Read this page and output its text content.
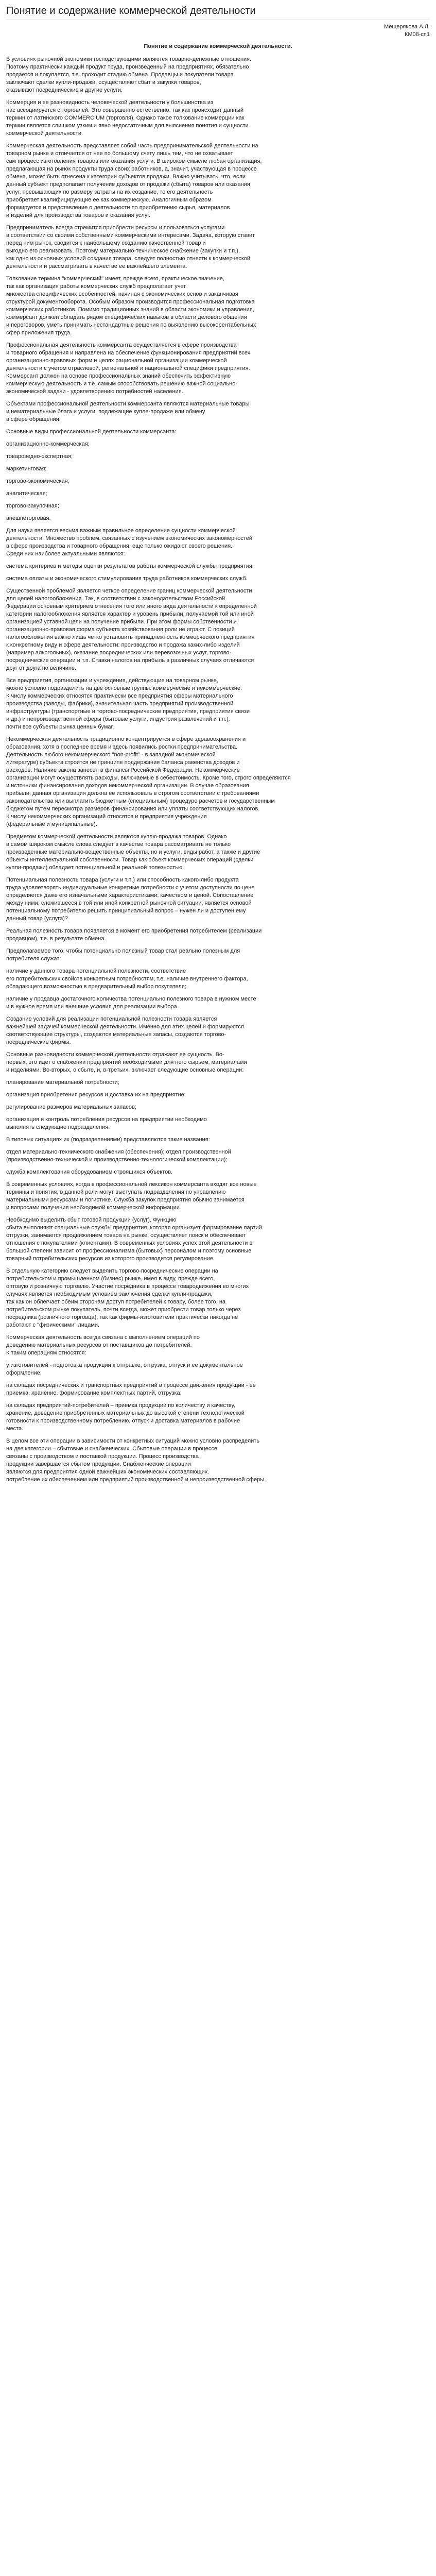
Понятие и содержание коммерческой деятельности

Мещерякова А.Л.

КМ08-сп1

Понятие и содержание коммерческой деятельности.

В условиях рыночной экономики господствующими являются товарно-денежные отношения.
Поэтому практически каждый продукт труда, произведенный на предприятиях, обязательно
продается и покупается, т.е. проходит стадию обмена. Продавцы и покупатели товара
заключают сделки купли-продажи, осуществляют сбыт и закупки товаров,
оказывают посреднические и другие услуги.

Коммерция и ее разновидность человеческой деятельности у большинства из
нас ассоциируется с торговлей. Это совершенно естественно, так как происходит данный
термин от латинского COMMERCIUM (торговля). Однако такое толкование коммерции как
термин является слишком узким и явно недостаточным для выяснения понятия и сущности
коммерческой деятельности.

Коммерческая деятельность представляет собой часть предпринимательской деятельности на
товарном рынке и отличается от нее по большому счету лишь тем, что не охватывает
сам процесс изготовления товаров или оказания услуги. В широком смысле любая организация,
предлагающая на рынок продукты труда своих работников, а, значит, участвующая в процессе
обмена, может быть отнесена к категории субъектов продажи. Важно учитывать, что, если
данный субъект предполагает получение доходов от продажи (сбыта) товаров или оказания
услуг, превышающих по размеру затраты на их создание, то его деятельность
приобретает квалифицирующие ее как коммерческую. Аналогичным образом
формируется и представление о деятельности по приобретению сырья, материалов
и изделий для производства товаров и оказания услуг.

Предприниматель всегда стремится приобрести ресурсы и пользоваться услугами
в соответствии со своими собственными коммерческими интересами. Задача, которую ставит
перед ним рынок, сводится к наибольшему созданию качественной товар и
выгодно его реализовать. Поэтому материально-техническое снабжение (закупки и т.п.),
как одно из основных условий создания товара, следует полностью отнести к коммерческой
деятельности и рассматривать в качестве ее важнейшего элемента.

Толкование термина "коммерческий" имеет, прежде всего, практическое значение,
так как организация работы коммерческих служб предполагает учет
множества специфических особенностей, начиная с экономических основ и заканчивая
структурой документооборота. Особым образом производится профессиональная подготовка
коммерческих работников. Помимо традиционных знаний в области экономики и управления,
коммерсант должен обладать рядом специфических навыков в области делового общения
и переговоров, уметь принимать нестандартные решения по выявлению высокорентабельных
сфер приложения труда.

Профессиональная деятельность коммерсанта осуществляется в сфере производства
и товарного обращения и направлена на обеспечение функционирования предприятий всех
организационно-правовых форм и целях рациональной организации коммерческой
деятельности с учетом отраслевой, региональной и национальной специфики предприятия.
Коммерсант должен на основе профессиональных знаний обеспечить эффективную
коммерческую деятельность и т.е. самым способствовать решению важной социально-
экономической задачи - удовлетворению потребностей населения.

Объектами профессиональной деятельности коммерсанта являются материальные товары
и нематериальные блага и услуги, подлежащие купле-продаже или обмену
в сфере обращения.

Основные виды профессиональной деятельности коммерсанта:

организационно-коммерческая;

товароведно-экспертная;

маркетинговая;

торгово-экономическая;

аналитическая;

торгово-закупочная;

внешнеторговая.

Для науки является весьма важным правильное определение сущности коммерческой
деятельности. Множество проблем, связанных с изучением экономических закономерностей
в сфере производства и товарного обращения, еще только ожидают своего решения.
Среди них наиболее актуальными являются:

система критериев и методы оценки результатов работы коммерческой службы предприятия;

система оплаты и экономического стимулирования труда работников коммерческих служб.

Существенной проблемой является четкое определение границ коммерческой деятельности
для целей налогообложения. Так, в соответствии с законодательством Российской
Федерации основным критерием отнесения того или иного вида деятельности к определенной
категории налогообложения является характер и уровень прибыли, получаемой той или иной
организацией уставной цели на получение прибыли. При этом формы собственности и
организационно-правовая форма субъекта хозяйствования роли не играют. С позиций
налогообложения важно лишь четко установить принадлежность коммерческого предприятия
к конкретному виду и сфере деятельности: производство и продажа каких-либо изделий
(например алкогольных), оказание посреднических или перевозочных услуг, торгово-
посреднические операции и т.п. Ставки налогов на прибыль в различных случаях отличаются
друг от друга по величине.

Все предприятия, организации и учреждения, действующие на товарном рынке,
можно условно подразделить на две основные группы: коммерческие и некоммерческие.
К числу коммерческих относятся практически все предприятия сферы материального
производства (заводы, фабрики), значительная часть предприятий производственной
инфраструктуры (транспортные и торгово-посреднические предприятия, предприятия связи
и др.) и непроизводственной сферы (бытовые услуги, индустрия развлечений и т.п.),
почти все субъекты рынка ценных бумаг.

Некоммерческая деятельность традиционно концентрируется в сфере здравоохранения и
образования, хотя в последнее время и здесь появились ростки предпринимательства.
Деятельность любого некоммерческого "non-profit" - в западной экономической
литературе) субъекта строится не принципе поддержания баланса равенства доходов и
расходов. Наличие закона занесен в финансы Российской Федерации. Некоммерческие
организации могут осуществлять расходы, включаемые в себестоимость. Кроме того, строго определяются
и источники финансирования доходов некоммерческой организации. В случае образования
прибыли, данная организация должна ее использовать в строгом соответствии с требованиями
законодательства или выплатить бюджетным (специальным) процедуре расчетов и государственным
бюджетом путем пересмотра размеров финансирования или уплаты соответствующих налогов.
К числу некоммерческих организаций относятся и предприятия учреждения
(федеральные и муниципальные).

Предметом коммерческой деятельности являются куплю-продажа товаров. Однако
в самом широком смысле слова следует в качестве товара рассматривать не только
произведенные материально-вещественные объекты, но и услуги, виды работ, а также и другие
объекты интеллектуальной собственности. Товар как объект коммерческих операций (сделки
купли-продажи) обладает потенциальной и реальной полезностью.

Потенциальная полезность товара (услуги и т.п.) или способность какого-либо продукта
труда удовлетворять индивидуальные конкретные потребности с учетом доступности по цене
определяется даже его изначальными характеристиками: качеством и ценой. Сопоставление
между ними, сложившееся в той или иной конкретной рыночной ситуации, является основой
потенциальному потребителю решить принципиальный вопрос – нужен ли и доступен ему
данный товар (услуга)?

Реальная полезность товара появляется в момент его приобретения потребителем (реализации
продавцом), т.е. в результате обмена.

Предполагаемое того, чтобы потенциально полезный товар стал реально полезным для
потребителя служат:

наличие у данного товара потенциальной полезности, соответствие
его потребительских свойств конкретным потребностям, т.е. наличие внутреннего фактора,
обладающего возможностью в предварительный выбор покупателя;

наличие у продавца достаточного количества потенциально полезного товара в нужном месте
и в нужное время или внешние условия для реализации выбора.

Создание условий для реализации потенциальной полезности товара является
важнейшей задачей коммерческой деятельности. Именно для этих целей и формируются
соответствующие структуры, создаются материальные запасы, создаются торгово-
посреднические фирмы.

Основные разновидности коммерческой деятельности отражают ее сущность. Во-
первых, это идет о снабжении предприятий необходимыми для него сырьем, материалами
и изделиями. Во-вторых, о сбыте, и, в-третьих, включает следующие основные операции:

планирование материальной потребности;

организация приобретения ресурсов и доставка их на предприятие;

регулирование размеров материальных запасов;

организация и контроль потребления ресурсов на предприятии необходимо
выполнять следующие подразделения.

В типовых ситуациях их (подразделениями) представляются такие названия:

отдел материально-технического снабжения (обеспечения); отдел производственной
(производственно-технической и производственно-технологической комплектации);

служба комплектования оборудованием строящихся объектов.

В современных условиях, когда в профессиональной лексикон коммерсанта входят все новые
термины и понятия, в данной роли могут выступать подразделения по управлению
материальными ресурсами и логистике. Служба закупок предприятия обычно занимается
и вопросами получения необходимой коммерческой информации.

Необходимо выделить сбыт готовой продукции (услуг). Функцию
сбыта выполняют специальные службы предприятия, которая организует формирование партий
отгрузки, занимается продвижением товара на рынке, осуществляет поиск и обеспечивает
отношения с покупателями (клиентами). В современных условиях успех этой деятельности в
большой степени зависит от профессионализма (бытовых) персоналом и поэтому основные
товарный потребительских ресурсов из которого производится регулирование.

В отдельную категорию следует выделить торгово-посреднические операции на
потребительском и промышленном (бизнес) рынке, имея в виду, прежде всего,
оптовую и розничную торговлю. Участие посредника в процессе товародвижения во многих
случаях является необходимым условием заключения сделки купли-продажи,
так как он облегчает обеим сторонам доступ потребителей к товару, более того, на
потребительском рынке покупатель, почти всегда, может приобрести товар только через
посредника (розничного торговца), так как фирмы-изготовители практически никогда не
работают с "физическими" лицами.

Коммерческая деятельность всегда связана с выполнением операций по
доведению материальных ресурсов от поставщиков до потребителей.
К таким операциям относятся:

у изготовителей - подготовка продукции к отправке, отгрузка, отпуск и ее документальное
оформление;

на складах посреднических и транспортных предприятий в процессе движения продукции - ее
приемка, хранение, формирование комплектных партий, отгрузка;

на складах предприятий-потребителей – приемка продукции по количеству и качеству,
хранение, доведение приобретенных материальных до высокой степени технологической
готовности к производственному потреблению, отпуск и доставка материалов в рабочие
места.

В целом все эти операции в зависимости от конкретных ситуаций можно условно распределить
на две категории – сбытовые и снабженческих. Сбытовые операции в процессе
связаны с производством и поставкой продукции. Процесс производства
продукции завершается сбытом продукции. Снабженческие операции
являются для предприятия одной важнейших экономических составляющих.
потребление их обеспечением или предприятий производственной и непроизводственной сферы.
